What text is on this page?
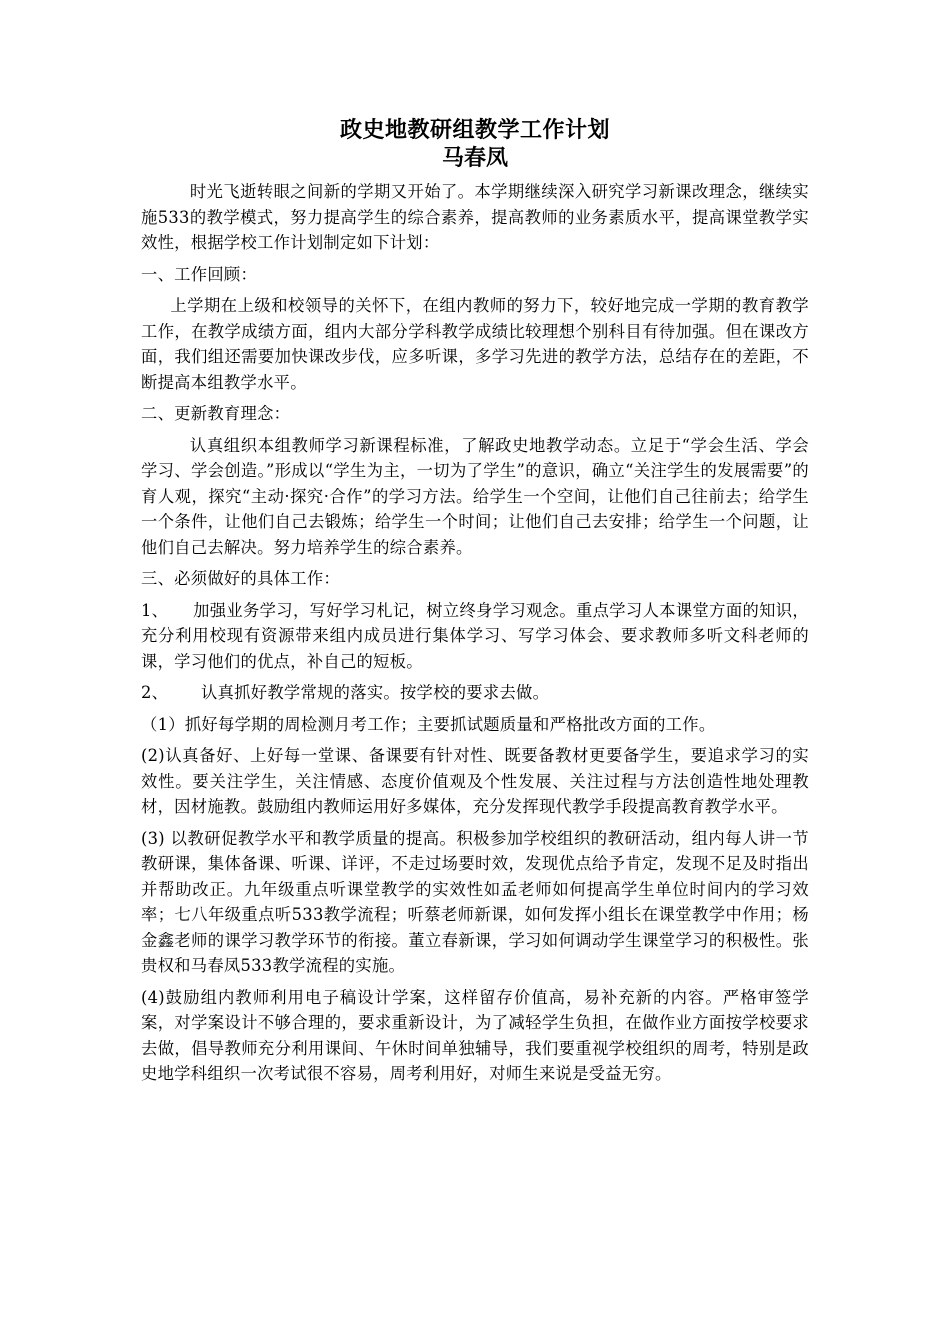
政史地教研组教学工作计划
马春凤

时光飞逝转眼之间新的学期又开始了。本学期继续深入研究学习新课改理念，继续实施533的教学模式，努力提高学生的综合素养，提高教师的业务素质水平，提高课堂教学实效性，根据学校工作计划制定如下计划：

一、工作回顾：

上学期在上级和校领导的关怀下，在组内教师的努力下，较好地完成一学期的教育教学工作，在教学成绩方面，组内大部分学科教学成绩比较理想个别科目有待加强。但在课改方面，我们组还需要加快课改步伐，应多听课，多学习先进的教学方法，总结存在的差距，不断提高本组教学水平。

二、更新教育理念：

认真组织本组教师学习新课程标准，了解政史地教学动态。立足于“学会生活、学会学习、学会创造。”形成以“学生为主，一切为了学生”的意识，确立“关注学生的发展需要”的育人观，探究“主动·探究·合作”的学习方法。给学生一个空间，让他们自己往前去；给学生一个条件，让他们自己去锻炼；给学生一个时间；让他们自己去安排；给学生一个问题，让他们自己去解决。努力培养学生的综合素养。

三、必须做好的具体工作：

1、 加强业务学习，写好学习札记，树立终身学习观念。重点学习人本课堂方面的知识，充分利用校现有资源带来组内成员进行集体学习、写学习体会、要求教师多听文科老师的课，学习他们的优点，补自己的短板。

2、 认真抓好教学常规的落实。按学校的要求去做。

（1）抓好每学期的周检测月考工作；主要抓试题质量和严格批改方面的工作。

(2)认真备好、上好每一堂课、备课要有针对性、既要备教材更要备学生，要追求学习的实效性。要关注学生，关注情感、态度价值观及个性发展、关注过程与方法创造性地处理教材，因材施教。鼓励组内教师运用好多媒体，充分发挥现代教学手段提高教育教学水平。

(3) 以教研促教学水平和教学质量的提高。积极参加学校组织的教研活动，组内每人讲一节教研课，集体备课、听课、详评，不走过场要时效，发现优点给予肯定，发现不足及时指出并帮助改正。九年级重点听课堂教学的实效性如孟老师如何提高学生单位时间内的学习效率；七八年级重点听533教学流程；听蔡老师新课，如何发挥小组长在课堂教学中作用；杨金鑫老师的课学习教学环节的衔接。董立春新课，学习如何调动学生课堂学习的积极性。张贵权和马春凤533教学流程的实施。

(4)鼓励组内教师利用电子稿设计学案，这样留存价值高，易补充新的内容。严格审签学案，对学案设计不够合理的，要求重新设计，为了减轻学生负担，在做作业方面按学校要求去做，倡导教师充分利用课间、午休时间单独辅导，我们要重视学校组织的周考，特别是政史地学科组织一次考试很不容易，周考利用好，对师生来说是受益无穷。
